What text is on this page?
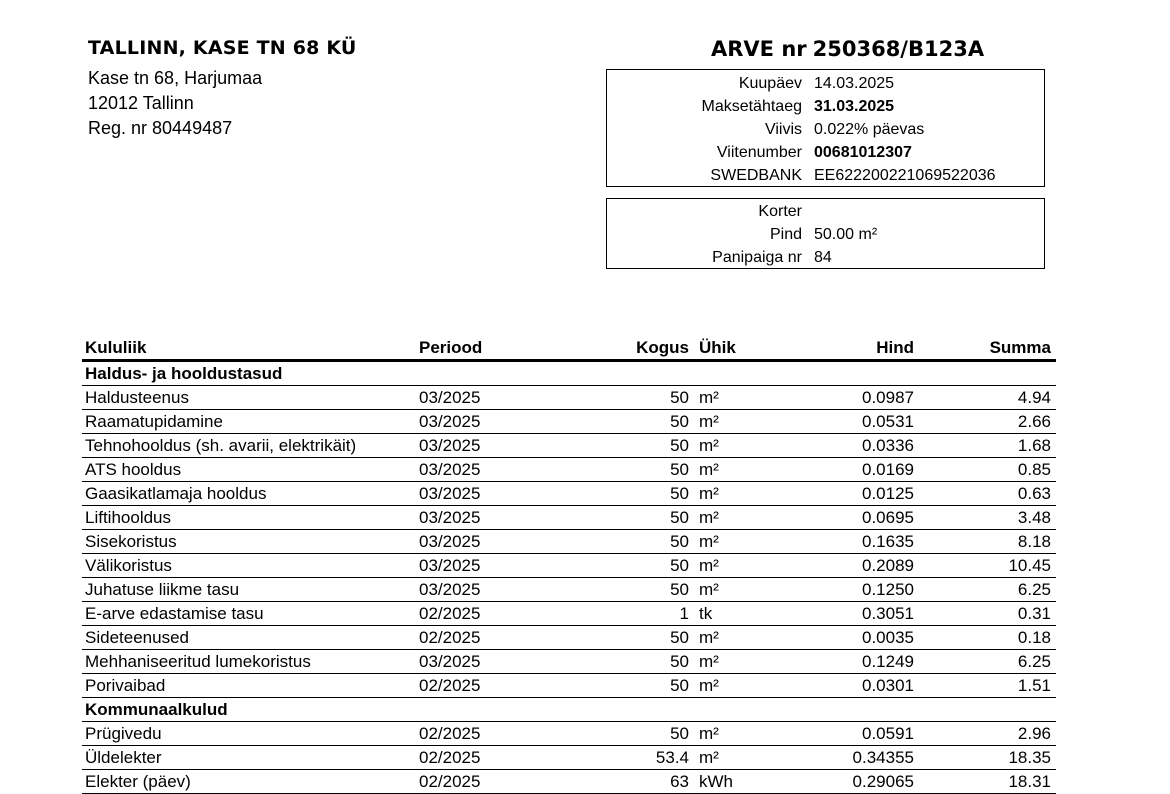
TALLINN, KASE TN 68 KÜ
Kase tn 68, Harjumaa
12012 Tallinn
Reg. nr 80449487
ARVE nr 250368/B123A
Kuupäev 14.03.2025
Maksetähtaeg 31.03.2025
Viivis 0.022% päevas
Viitenumber 00681012307
SWEDBANK EE622200221069522036
Korter
Pind 50.00 m²
Panipaiga nr 84
Kululiik	Periood	Kogus Ühik	Hind	Summa
Haldus- ja hooldustasud
Haldusteenus	03/2025	50 m²	0.0987	4.94
Raamatupidamine	03/2025	50 m²	0.0531	2.66
Tehnohooldus (sh. avarii, elektrikäit)	03/2025	50 m²	0.0336	1.68
ATS hooldus	03/2025	50 m²	0.0169	0.85
Gaasikatlamaja hooldus	03/2025	50 m²	0.0125	0.63
Liftihooldus	03/2025	50 m²	0.0695	3.48
Sisekoristus	03/2025	50 m²	0.1635	8.18
Välikoristus	03/2025	50 m²	0.2089	10.45
Juhatuse liikme tasu	03/2025	50 m²	0.1250	6.25
E-arve edastamise tasu	02/2025	1 tk	0.3051	0.31
Sideteenused	02/2025	50 m²	0.0035	0.18
Mehhaniseeritud lumekoristus	03/2025	50 m²	0.1249	6.25
Porivaibad	02/2025	50 m²	0.0301	1.51
Kommunaalkulud
Prügivedu	02/2025	50 m²	0.0591	2.96
Üldelekter	02/2025	53.4 m²	0.34355	18.35
Elekter (päev)	02/2025	63 kWh	0.29065	18.31
